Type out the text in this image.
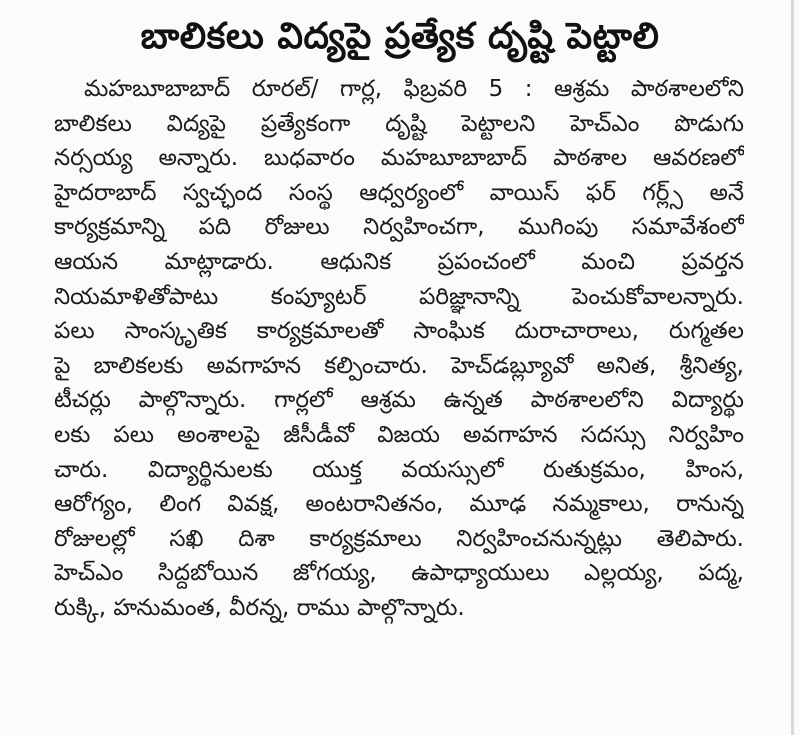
బాలికలు విద్యపై ప్రత్యేక దృష్టి పెట్టాలి
మహబూబాబాద్ రూరల్/ గార్ల, ఫిబ్రవరి 5 : ఆశ్రమ పాఠశాలలోని
బాలికలు విద్యపై ప్రత్యేకంగా దృష్టి పెట్టాలని హెచ్ఎం పొడుగు
నర్సయ్య అన్నారు. బుధవారం మహబూబాబాద్ పాఠశాల ఆవరణలో
హైదరాబాద్ స్వచ్ఛంద సంస్థ ఆధ్వర్యంలో వాయిస్ ఫర్ గర్ల్స్ అనే
కార్యక్రమాన్ని పది రోజులు నిర్వహించగా, ముగింపు సమావేశంలో
ఆయన మాట్లాడారు. ఆధునిక ప్రపంచంలో మంచి ప్రవర్తన
నియమాళితోపాటు కంప్యూటర్ పరిజ్ఞానాన్ని పెంచుకోవాలన్నారు.
పలు సాంస్కృతిక కార్యక్రమాలతో సాంఘిక దురాచారాలు, రుగ్మతల
పై బాలికలకు అవగాహన కల్పించారు. హెచ్‌డబ్ల్యూవో అనిత, శ్రీనిత్య,
టీచర్లు పాల్గొన్నారు. గార్లలో ఆశ్రమ ఉన్నత పాఠశాలలోని విద్యార్థు
లకు పలు అంశాలపై జీసీడీవో విజయ అవగాహన సదస్సు నిర్వహిం
చారు. విద్యార్థినులకు యుక్త వయస్సులో రుతుక్రమం, హింస,
ఆరోగ్యం, లింగ వివక్ష, అంటరానితనం, మూఢ నమ్మకాలు, రానున్న
రోజులల్లో సఖి దిశా కార్యక్రమాలు నిర్వహించనున్నట్లు తెలిపారు.
హెచ్ఎం సిద్దబోయిన జోగయ్య, ఉపాధ్యాయులు ఎల్లయ్య, పద్మ,
రుక్కి, హనుమంత, వీరన్న, రాము పాల్గొన్నారు.
